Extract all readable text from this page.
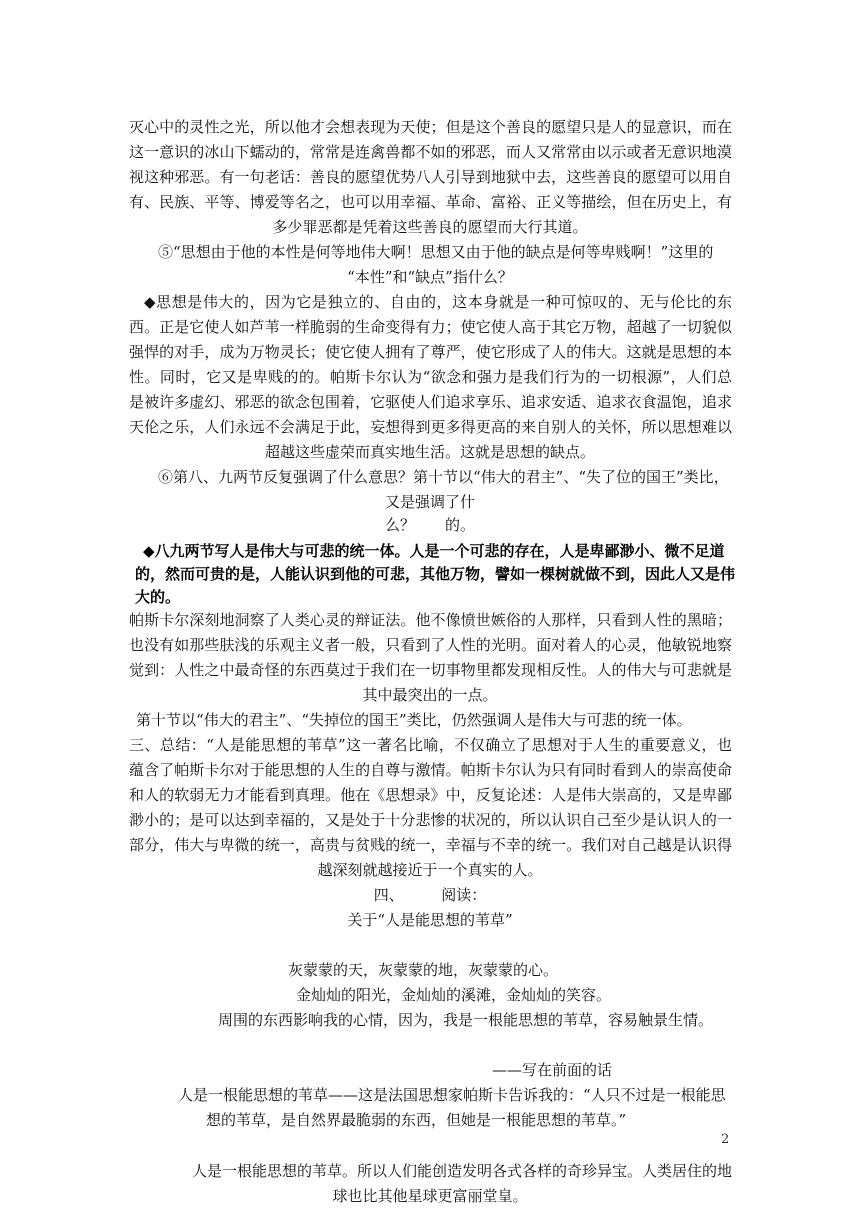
灭心中的灵性之光，所以他才会想表现为天使；但是这个善良的愿望只是人的显意识，而在
这一意识的冰山下蠕动的，常常是连禽兽都不如的邪恶，而人又常常由以示或者无意识地漠
视这种邪恶。有一句老话：善良的愿望优势八人引导到地狱中去，这些善良的愿望可以用自
有、民族、平等、博爱等名之，也可以用幸福、革命、富裕、正义等描绘，但在历史上，有
多少罪恶都是凭着这些善良的愿望而大行其道。
⑤“思想由于他的本性是何等地伟大啊！思想又由于他的缺点是何等卑贱啊！”这里的
“本性”和“缺点”指什么？
◆思想是伟大的，因为它是独立的、自由的，这本身就是一种可惊叹的、无与伦比的东
西。正是它使人如芦苇一样脆弱的生命变得有力；使它使人高于其它万物，超越了一切貌似
强悍的对手，成为万物灵长；使它使人拥有了尊严，使它形成了人的伟大。这就是思想的本
性。同时，它又是卑贱的的。帕斯卡尔认为“欲念和强力是我们行为的一切根源”，人们总
是被许多虚幻、邪恶的欲念包围着，它驱使人们追求享乐、追求安适、追求衣食温饱，追求
天伦之乐，人们永远不会满足于此，妄想得到更多得更高的来自别人的关怀，所以思想难以
超越这些虚荣而真实地生活。这就是思想的缺点。
⑥第八、九两节反复强调了什么意思？第十节以“伟大的君主”、“失了位的国王”类比，
又是强调了什
么？　　的。
◆八九两节写人是伟大与可悲的统一体。人是一个可悲的存在，人是卑鄙渺小、微不足道
的，然而可贵的是，人能认识到他的可悲，其他万物，譬如一棵树就做不到，因此人又是伟
大的。
帕斯卡尔深刻地洞察了人类心灵的辩证法。他不像愤世嫉俗的人那样，只看到人性的黑暗；
也没有如那些肤浅的乐观主义者一般，只看到了人性的光明。面对着人的心灵，他敏锐地察
觉到：人性之中最奇怪的东西莫过于我们在一切事物里都发现相反性。人的伟大与可悲就是
其中最突出的一点。
第十节以“伟大的君主”、“失掉位的国王”类比，仍然强调人是伟大与可悲的统一体。
三、总结：“人是能思想的苇草”这一著名比喻，不仅确立了思想对于人生的重要意义，也
蕴含了帕斯卡尔对于能思想的人生的自尊与激情。帕斯卡尔认为只有同时看到人的崇高使命
和人的软弱无力才能看到真理。他在《思想录》中，反复论述：人是伟大崇高的，又是卑鄙
渺小的；是可以达到幸福的，又是处于十分悲惨的状况的，所以认识自己至少是认识人的一
部分，伟大与卑微的统一，高贵与贫贱的统一，幸福与不幸的统一。我们对自己越是认识得
越深刻就越接近于一个真实的人。
四、　　　阅读：
关于“人是能思想的苇草”
灰蒙蒙的天，灰蒙蒙的地，灰蒙蒙的心。
金灿灿的阳光，金灿灿的溪滩，金灿灿的笑容。
周围的东西影响我的心情，因为，我是一根能思想的苇草，容易触景生情。
——写在前面的话
人是一根能思想的苇草——这是法国思想家帕斯卡告诉我的：“人只不过是一根能思
想的苇草，是自然界最脆弱的东西，但她是一根能思想的苇草。”
人是一根能思想的苇草。所以人们能创造发明各式各样的奇珍异宝。人类居住的地
球也比其他星球更富丽堂皇。
2
